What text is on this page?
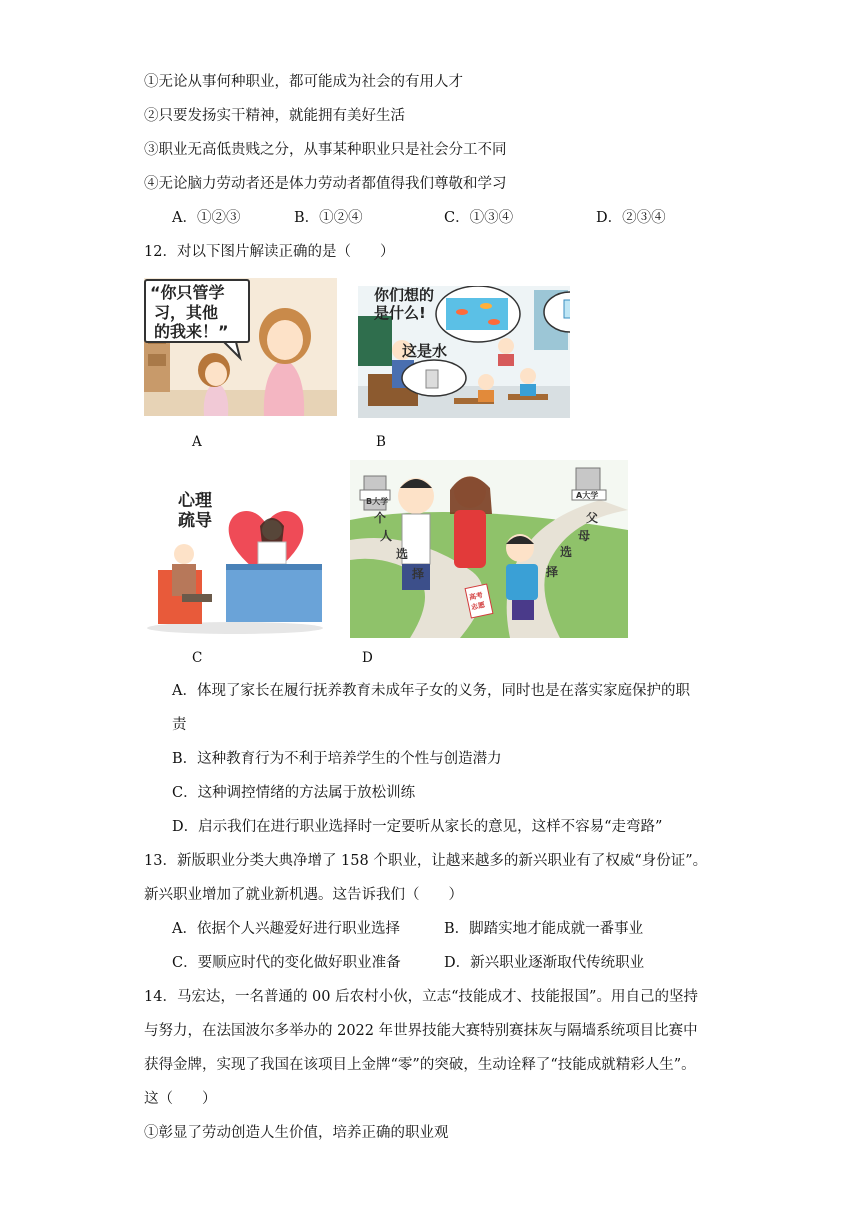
①无论从事何种职业，都可能成为社会的有用人才
②只要发扬实干精神，就能拥有美好生活
③职业无高低贵贱之分，从事某种职业只是社会分工不同
④无论脑力劳动者还是体力劳动者都值得我们尊敬和学习
A．①②③	B．①②④	C．①③④	D．②③④
12．对以下图片解读正确的是（　　）
“你只管学
习，其他
的我来！”
A
你们想的
是什么!
这是水
B
心理
疏导
C
B大学
A大学
个
人
选
择
父
母
选
择
高考
志愿
D
A．体现了家长在履行抚养教育未成年子女的义务，同时也是在落实家庭保护的职
责
B．这种教育行为不利于培养学生的个性与创造潜力
C．这种调控情绪的方法属于放松训练
D．启示我们在进行职业选择时一定要听从家长的意见，这样不容易“走弯路”
13．新版职业分类大典净增了 158 个职业，让越来越多的新兴职业有了权威“身份证”。
新兴职业增加了就业新机遇。这告诉我们（　　）
A．依据个人兴趣爱好进行职业选择	B．脚踏实地才能成就一番事业
C．要顺应时代的变化做好职业准备	D．新兴职业逐渐取代传统职业
14．马宏达，一名普通的 00 后农村小伙，立志“技能成才、技能报国”。用自己的坚持
与努力，在法国波尔多举办的 2022 年世界技能大赛特别赛抹灰与隔墙系统项目比赛中
获得金牌，实现了我国在该项目上金牌“零”的突破，生动诠释了“技能成就精彩人生”。
这（　　）
①彰显了劳动创造人生价值，培养正确的职业观
